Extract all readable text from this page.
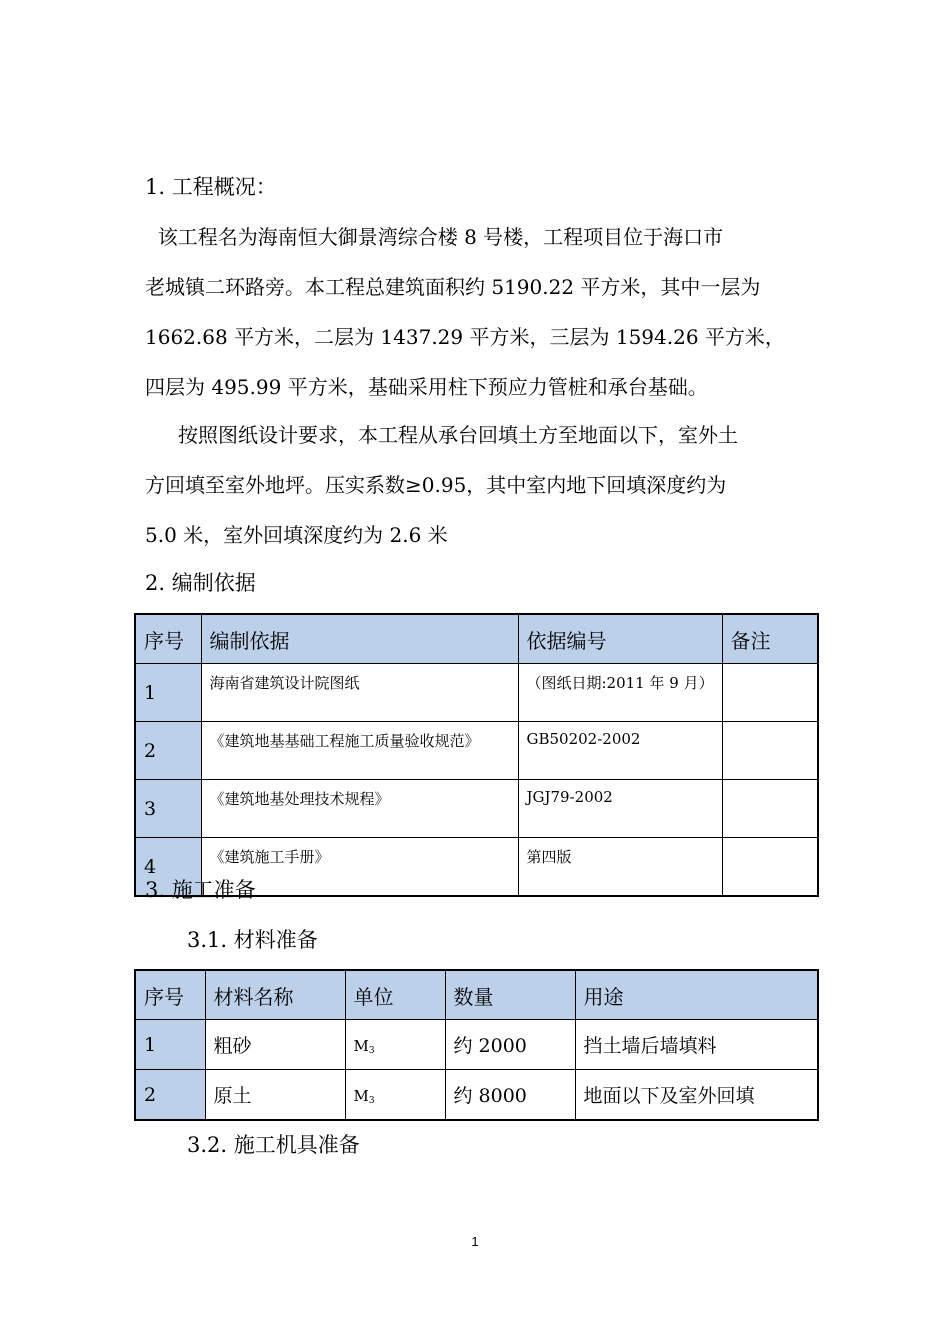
1. 工程概况：
该工程名为海南恒大御景湾综合楼 8 号楼，工程项目位于海口市
老城镇二环路旁。本工程总建筑面积约 5190.22 平方米，其中一层为
1662.68 平方米，二层为 1437.29 平方米，三层为 1594.26 平方米，
四层为 495.99 平方米，基础采用柱下预应力管桩和承台基础。
按照图纸设计要求，本工程从承台回填土方至地面以下，室外土
方回填至室外地坪。压实系数≥0.95，其中室内地下回填深度约为
5.0 米，室外回填深度约为 2.6 米
2. 编制依据
序号	编制依据	依据编号	备注
1	海南省建筑设计院图纸	（图纸日期:2011 年 9 月）	
2	《建筑地基基础工程施工质量验收规范》	GB50202-2002	
3	《建筑地基处理技术规程》	JGJ79-2002	
4	《建筑施工手册》	第四版	
3. 施工准备
3.1. 材料准备
序号	材料名称	单位	数量	用途
1	粗砂	$M^3$	约 2000	挡土墙后墙填料
2	原土	$M^3$	约 8000	地面以下及室外回填
3.2. 施工机具准备
1
